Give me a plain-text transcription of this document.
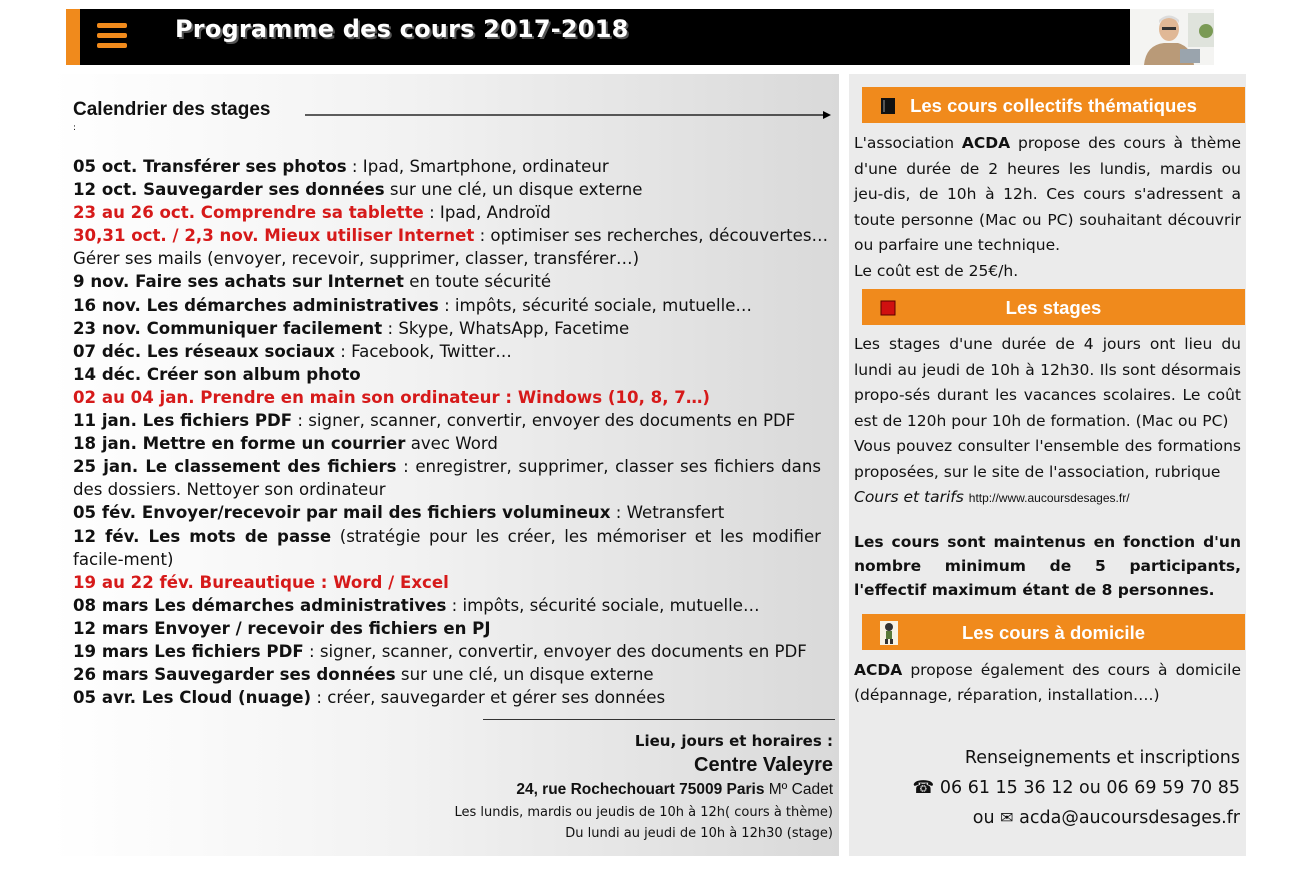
Programme des cours 2017-2018
Calendrier des stages
:
05 oct. Transférer ses photos : Ipad, Smartphone, ordinateur
12 oct. Sauvegarder ses données sur une clé, un disque externe
23 au 26 oct. Comprendre sa tablette : Ipad, Androïd
30,31 oct. / 2,3 nov. Mieux utiliser Internet : optimiser ses recherches, découvertes…
Gérer ses mails (envoyer, recevoir, supprimer, classer, transférer…)
9 nov. Faire ses achats sur Internet en toute sécurité
16 nov. Les démarches administratives : impôts, sécurité sociale, mutuelle…
23 nov. Communiquer facilement : Skype, WhatsApp, Facetime
07 déc. Les réseaux sociaux : Facebook, Twitter…
14 déc. Créer son album photo
02 au 04 jan. Prendre en main son ordinateur : Windows (10, 8, 7…)
11 jan. Les fichiers PDF : signer, scanner, convertir, envoyer des documents en PDF
18 jan. Mettre en forme un courrier avec Word
25 jan. Le classement des fichiers : enregistrer, supprimer, classer ses fichiers dans des dossiers. Nettoyer son ordinateur
05 fév. Envoyer/recevoir par mail des fichiers volumineux : Wetransfert
12 fév. Les mots de passe (stratégie pour les créer, les mémoriser et les modifier facile-ment)
19 au 22 fév. Bureautique : Word / Excel
08 mars Les démarches administratives : impôts, sécurité sociale, mutuelle…
12 mars Envoyer / recevoir des fichiers en PJ
19 mars Les fichiers PDF : signer, scanner, convertir, envoyer des documents en PDF
26 mars Sauvegarder ses données sur une clé, un disque externe
05 avr. Les Cloud (nuage) : créer, sauvegarder et gérer ses données
Lieu, jours et horaires :
Centre Valeyre
24, rue Rochechouart 75009 Paris Mº Cadet
Les lundis, mardis ou jeudis de 10h à 12h( cours à thème)
Du lundi au jeudi de 10h à 12h30 (stage)
Les cours collectifs thématiques
L'association ACDA propose des cours à thème d'une durée de 2 heures les lundis, mardis ou jeu-dis, de 10h à 12h. Ces cours s'adressent a toute personne (Mac ou PC) souhaitant découvrir ou parfaire une technique.
Le coût est de 25€/h.
Les stages
Les stages d'une durée de 4 jours ont lieu du lundi au jeudi de 10h à 12h30. Ils sont désormais propo-sés durant les vacances scolaires. Le coût est de 120h pour 10h de formation. (Mac ou PC)
Vous pouvez consulter l'ensemble des formations proposées, sur le site de l'association, rubrique
Cours et tarifs http://www.aucoursdesages.fr/
Les cours sont maintenus en fonction d'un nombre minimum de 5 participants, l'effectif maximum étant de 8 personnes.
Les cours à domicile
ACDA propose également des cours à domicile (dépannage, réparation, installation….)
Renseignements et inscriptions
☎ 06 61 15 36 12 ou 06 69 59 70 85
ou ✉ acda@aucoursdesages.fr
